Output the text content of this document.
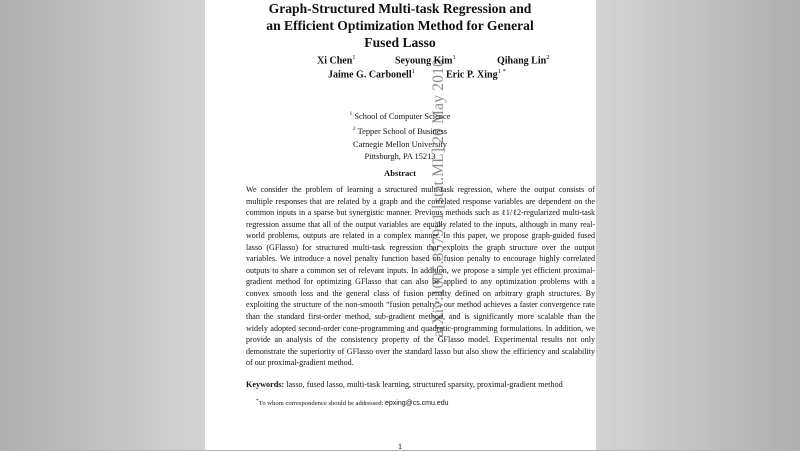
arXiv:1005.3579v1 [stat.ML] 20 May 2010
Graph-Structured Multi-task Regression and
an Efficient Optimization Method for General
Fused Lasso
Xi Chen$^1$	Seyoung Kim$^1$	Qihang Lin$^2$
Jaime G. Carbonell$^1$	Eric P. Xing$^{1 *}$
$^1$ School of Computer Science
$^2$ Tepper School of Business
Carnegie Mellon University
Pittsburgh, PA 15213
Abstract
We consider the problem of learning a structured multi-task regression, where the output consists of multiple responses that are related by a graph and the correlated response variables are dependent on the common inputs in a sparse but synergistic manner. Previous methods such as ℓ1/ℓ2-regularized multi-task regression assume that all of the output variables are equally related to the inputs, although in many real-world problems, outputs are related in a complex manner. In this paper, we propose graph-guided fused lasso (GFlasso) for structured multi-task regression that exploits the graph structure over the output variables. We introduce a novel penalty function based on fusion penalty to encourage highly correlated outputs to share a common set of relevant inputs. In addition, we propose a simple yet efficient proximal-gradient method for optimizing GFlasso that can also be applied to any optimization problems with a convex smooth loss and the general class of fusion penalty defined on arbitrary graph structures. By exploiting the structure of the non-smooth “fusion penalty”, our method achieves a faster convergence rate than the standard first-order method, sub-gradient method, and is significantly more scalable than the widely adopted second-order cone-programming and quadratic-programming formulations. In addition, we provide an analysis of the consistency property of the GFlasso model. Experimental results not only demonstrate the superiority of GFlasso over the standard lasso but also show the efficiency and scalability of our proximal-gradient method.
Keywords: lasso, fused lasso, multi-task learning, structured sparsity, proximal-gradient method
*To whom correspondence should be addressed: epxing@cs.cmu.edu
1
